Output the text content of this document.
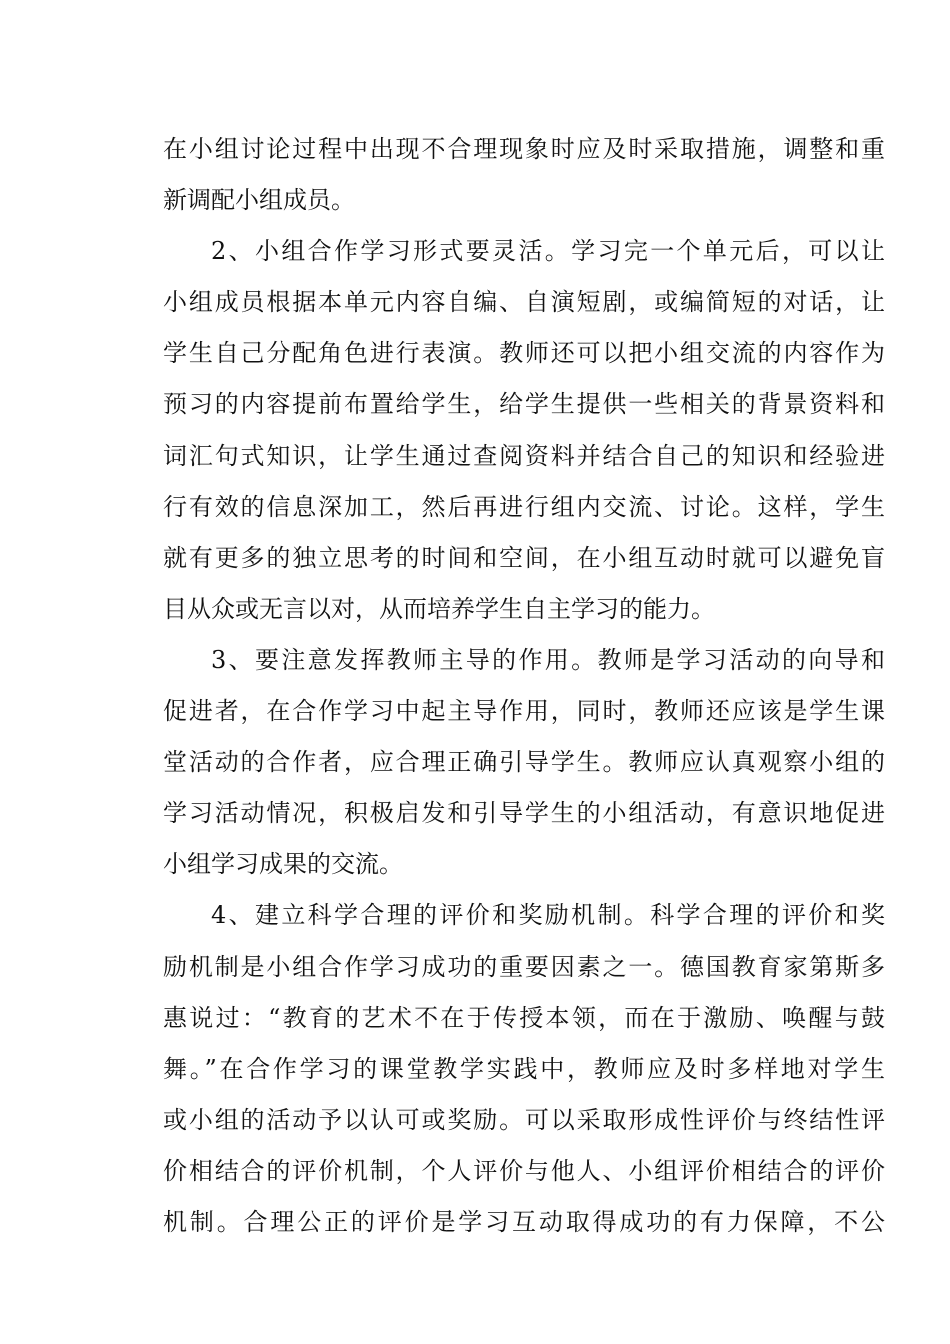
在小组讨论过程中出现不合理现象时应及时采取措施，调整和重
新调配小组成员。
2、小组合作学习形式要灵活。学习完一个单元后，可以让
小组成员根据本单元内容自编、自演短剧，或编简短的对话，让
学生自己分配角色进行表演。教师还可以把小组交流的内容作为
预习的内容提前布置给学生，给学生提供一些相关的背景资料和
词汇句式知识，让学生通过查阅资料并结合自己的知识和经验进
行有效的信息深加工，然后再进行组内交流、讨论。这样，学生
就有更多的独立思考的时间和空间，在小组互动时就可以避免盲
目从众或无言以对，从而培养学生自主学习的能力。
3、要注意发挥教师主导的作用。教师是学习活动的向导和
促进者，在合作学习中起主导作用，同时，教师还应该是学生课
堂活动的合作者，应合理正确引导学生。教师应认真观察小组的
学习活动情况，积极启发和引导学生的小组活动，有意识地促进
小组学习成果的交流。
4、建立科学合理的评价和奖励机制。科学合理的评价和奖
励机制是小组合作学习成功的重要因素之一。德国教育家第斯多
惠说过：“教育的艺术不在于传授本领，而在于激励、唤醒与鼓
舞。”在合作学习的课堂教学实践中，教师应及时多样地对学生
或小组的活动予以认可或奖励。可以采取形成性评价与终结性评
价相结合的评价机制，个人评价与他人、小组评价相结合的评价
机制。合理公正的评价是学习互动取得成功的有力保障，不公
